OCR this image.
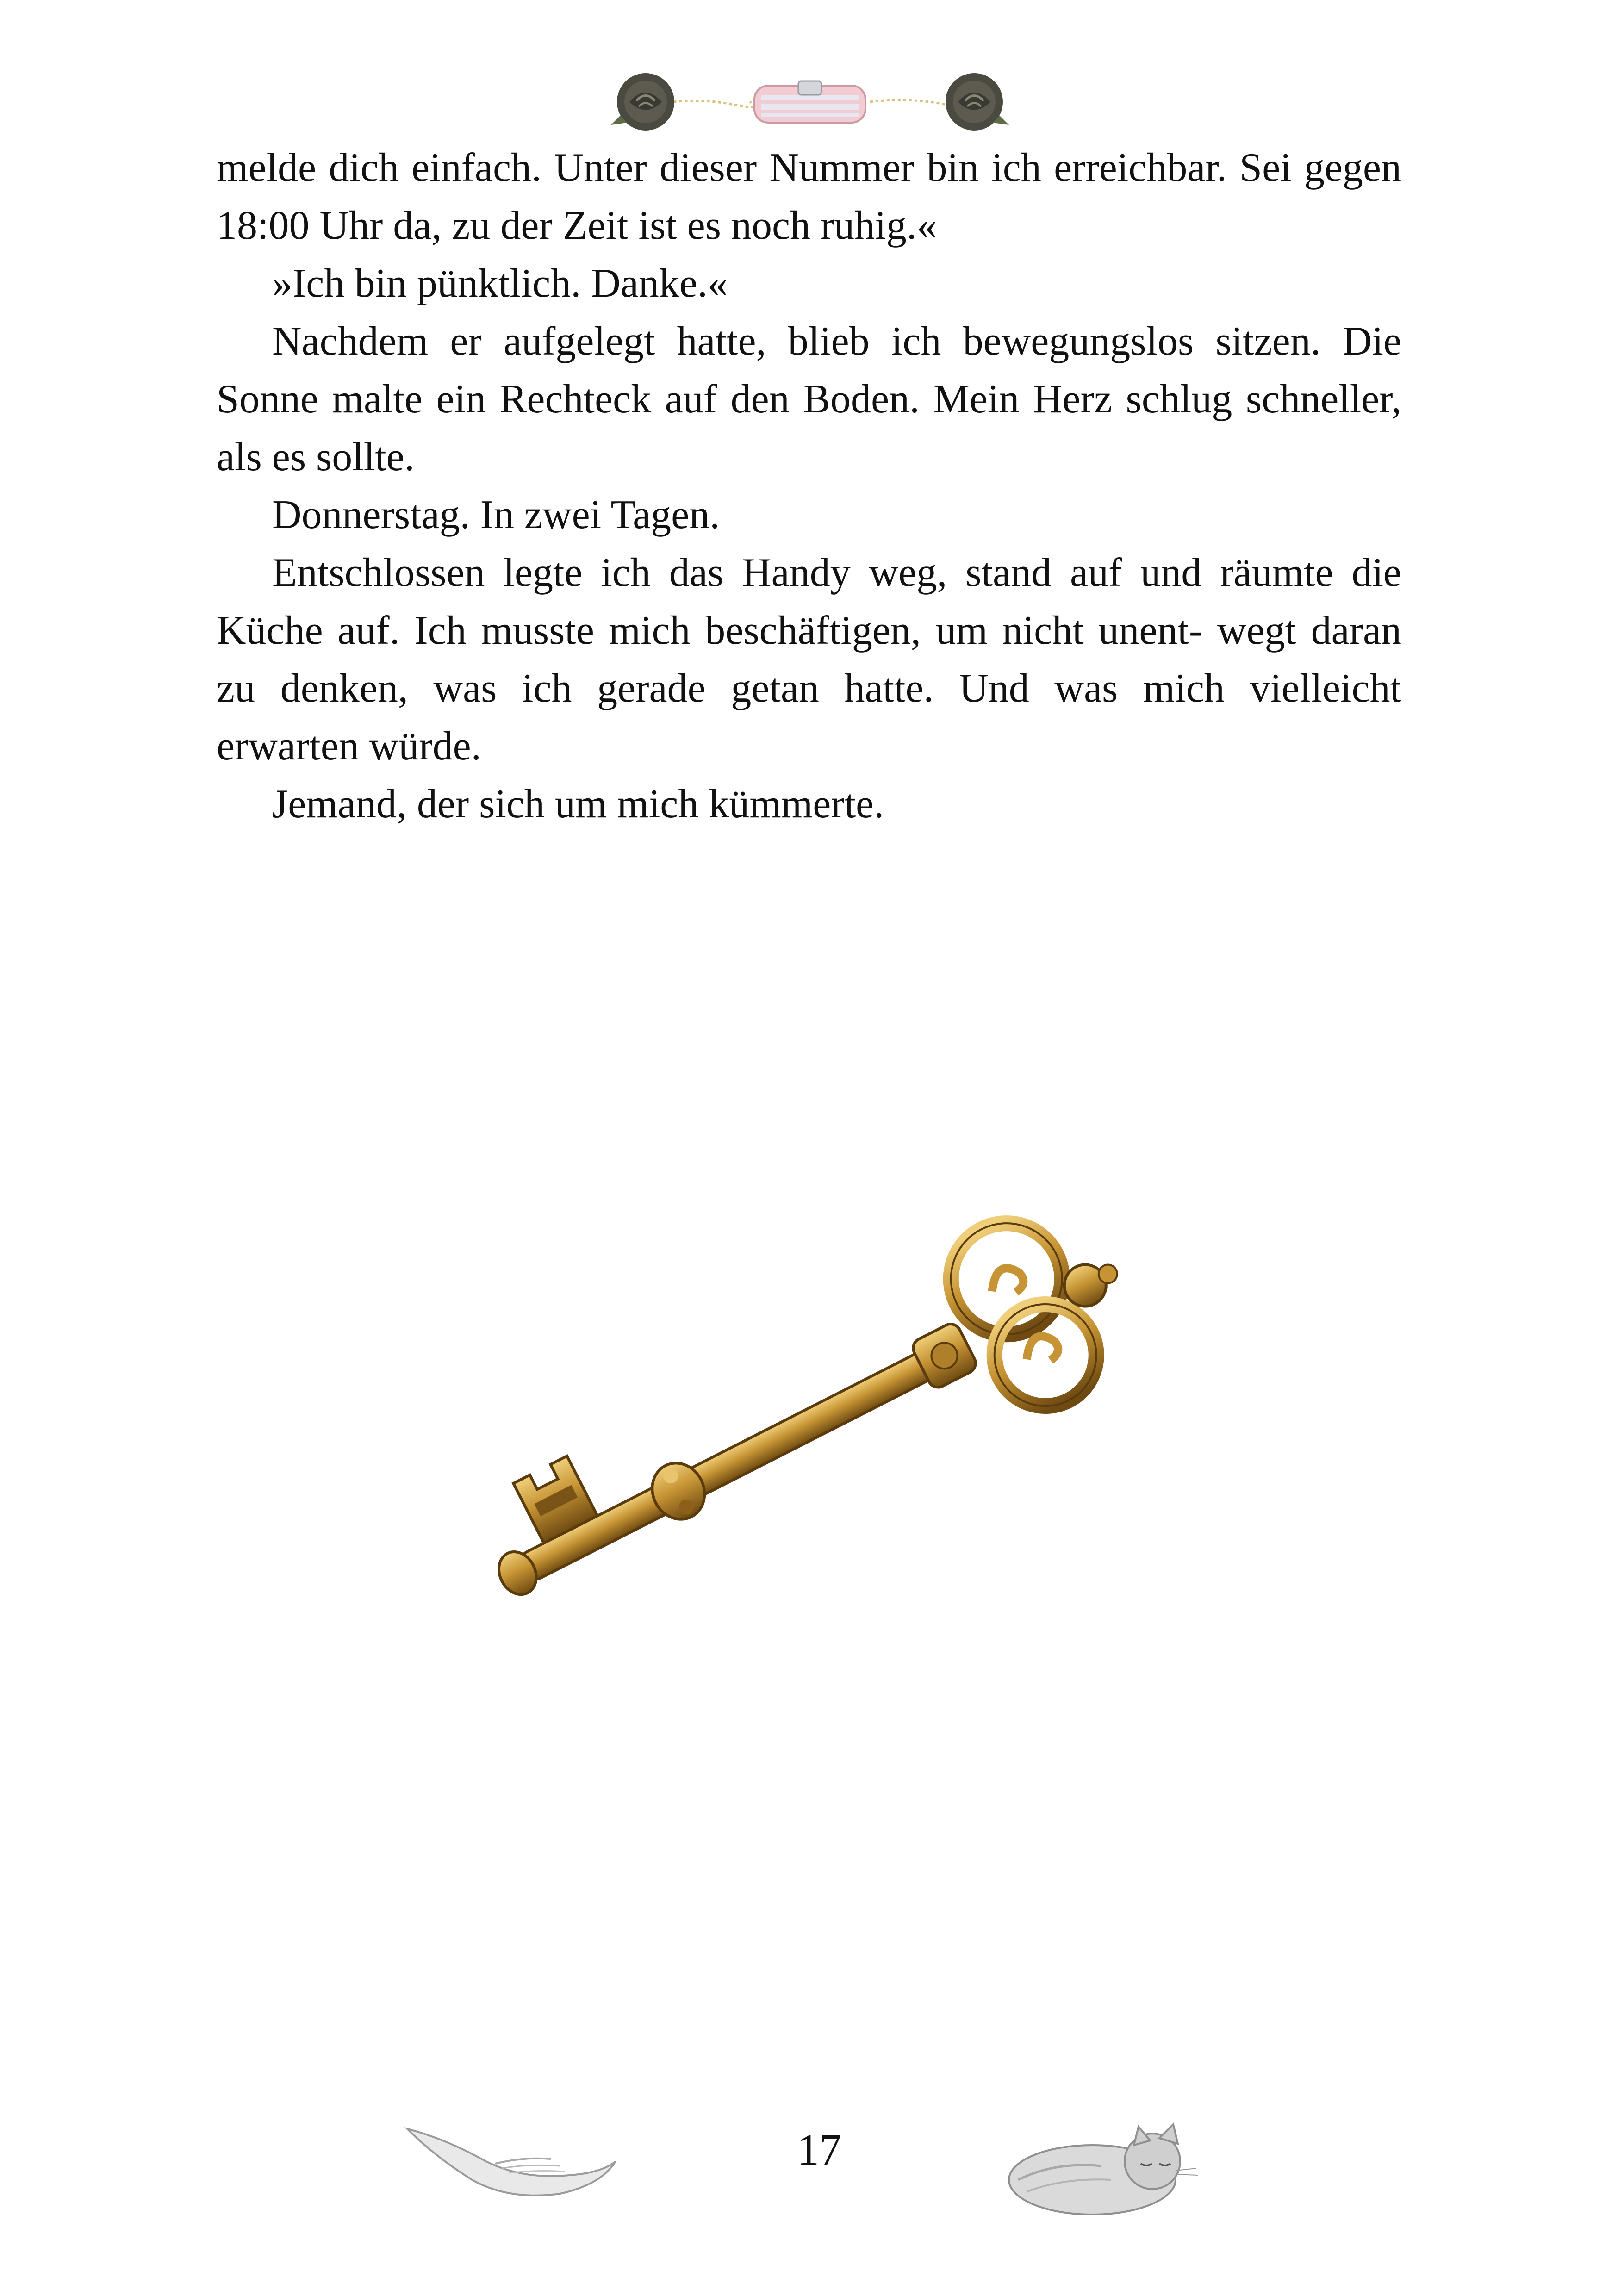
melde dich einfach. Unter dieser Nummer bin ich erreichbar. Sei gegen 18:00 Uhr da, zu der Zeit ist es noch ruhig.«

»Ich bin pünktlich. Danke.«

Nachdem er aufgelegt hatte, blieb ich bewegungslos sitzen. Die Sonne malte ein Rechteck auf den Boden. Mein Herz schlug schneller, als es sollte.

Donnerstag. In zwei Tagen.

Entschlossen legte ich das Handy weg, stand auf und räumte die Küche auf. Ich musste mich beschäftigen, um nicht unent- wegt daran zu denken, was ich gerade getan hatte. Und was mich vielleicht erwarten würde.

Jemand, der sich um mich kümmerte.

17
